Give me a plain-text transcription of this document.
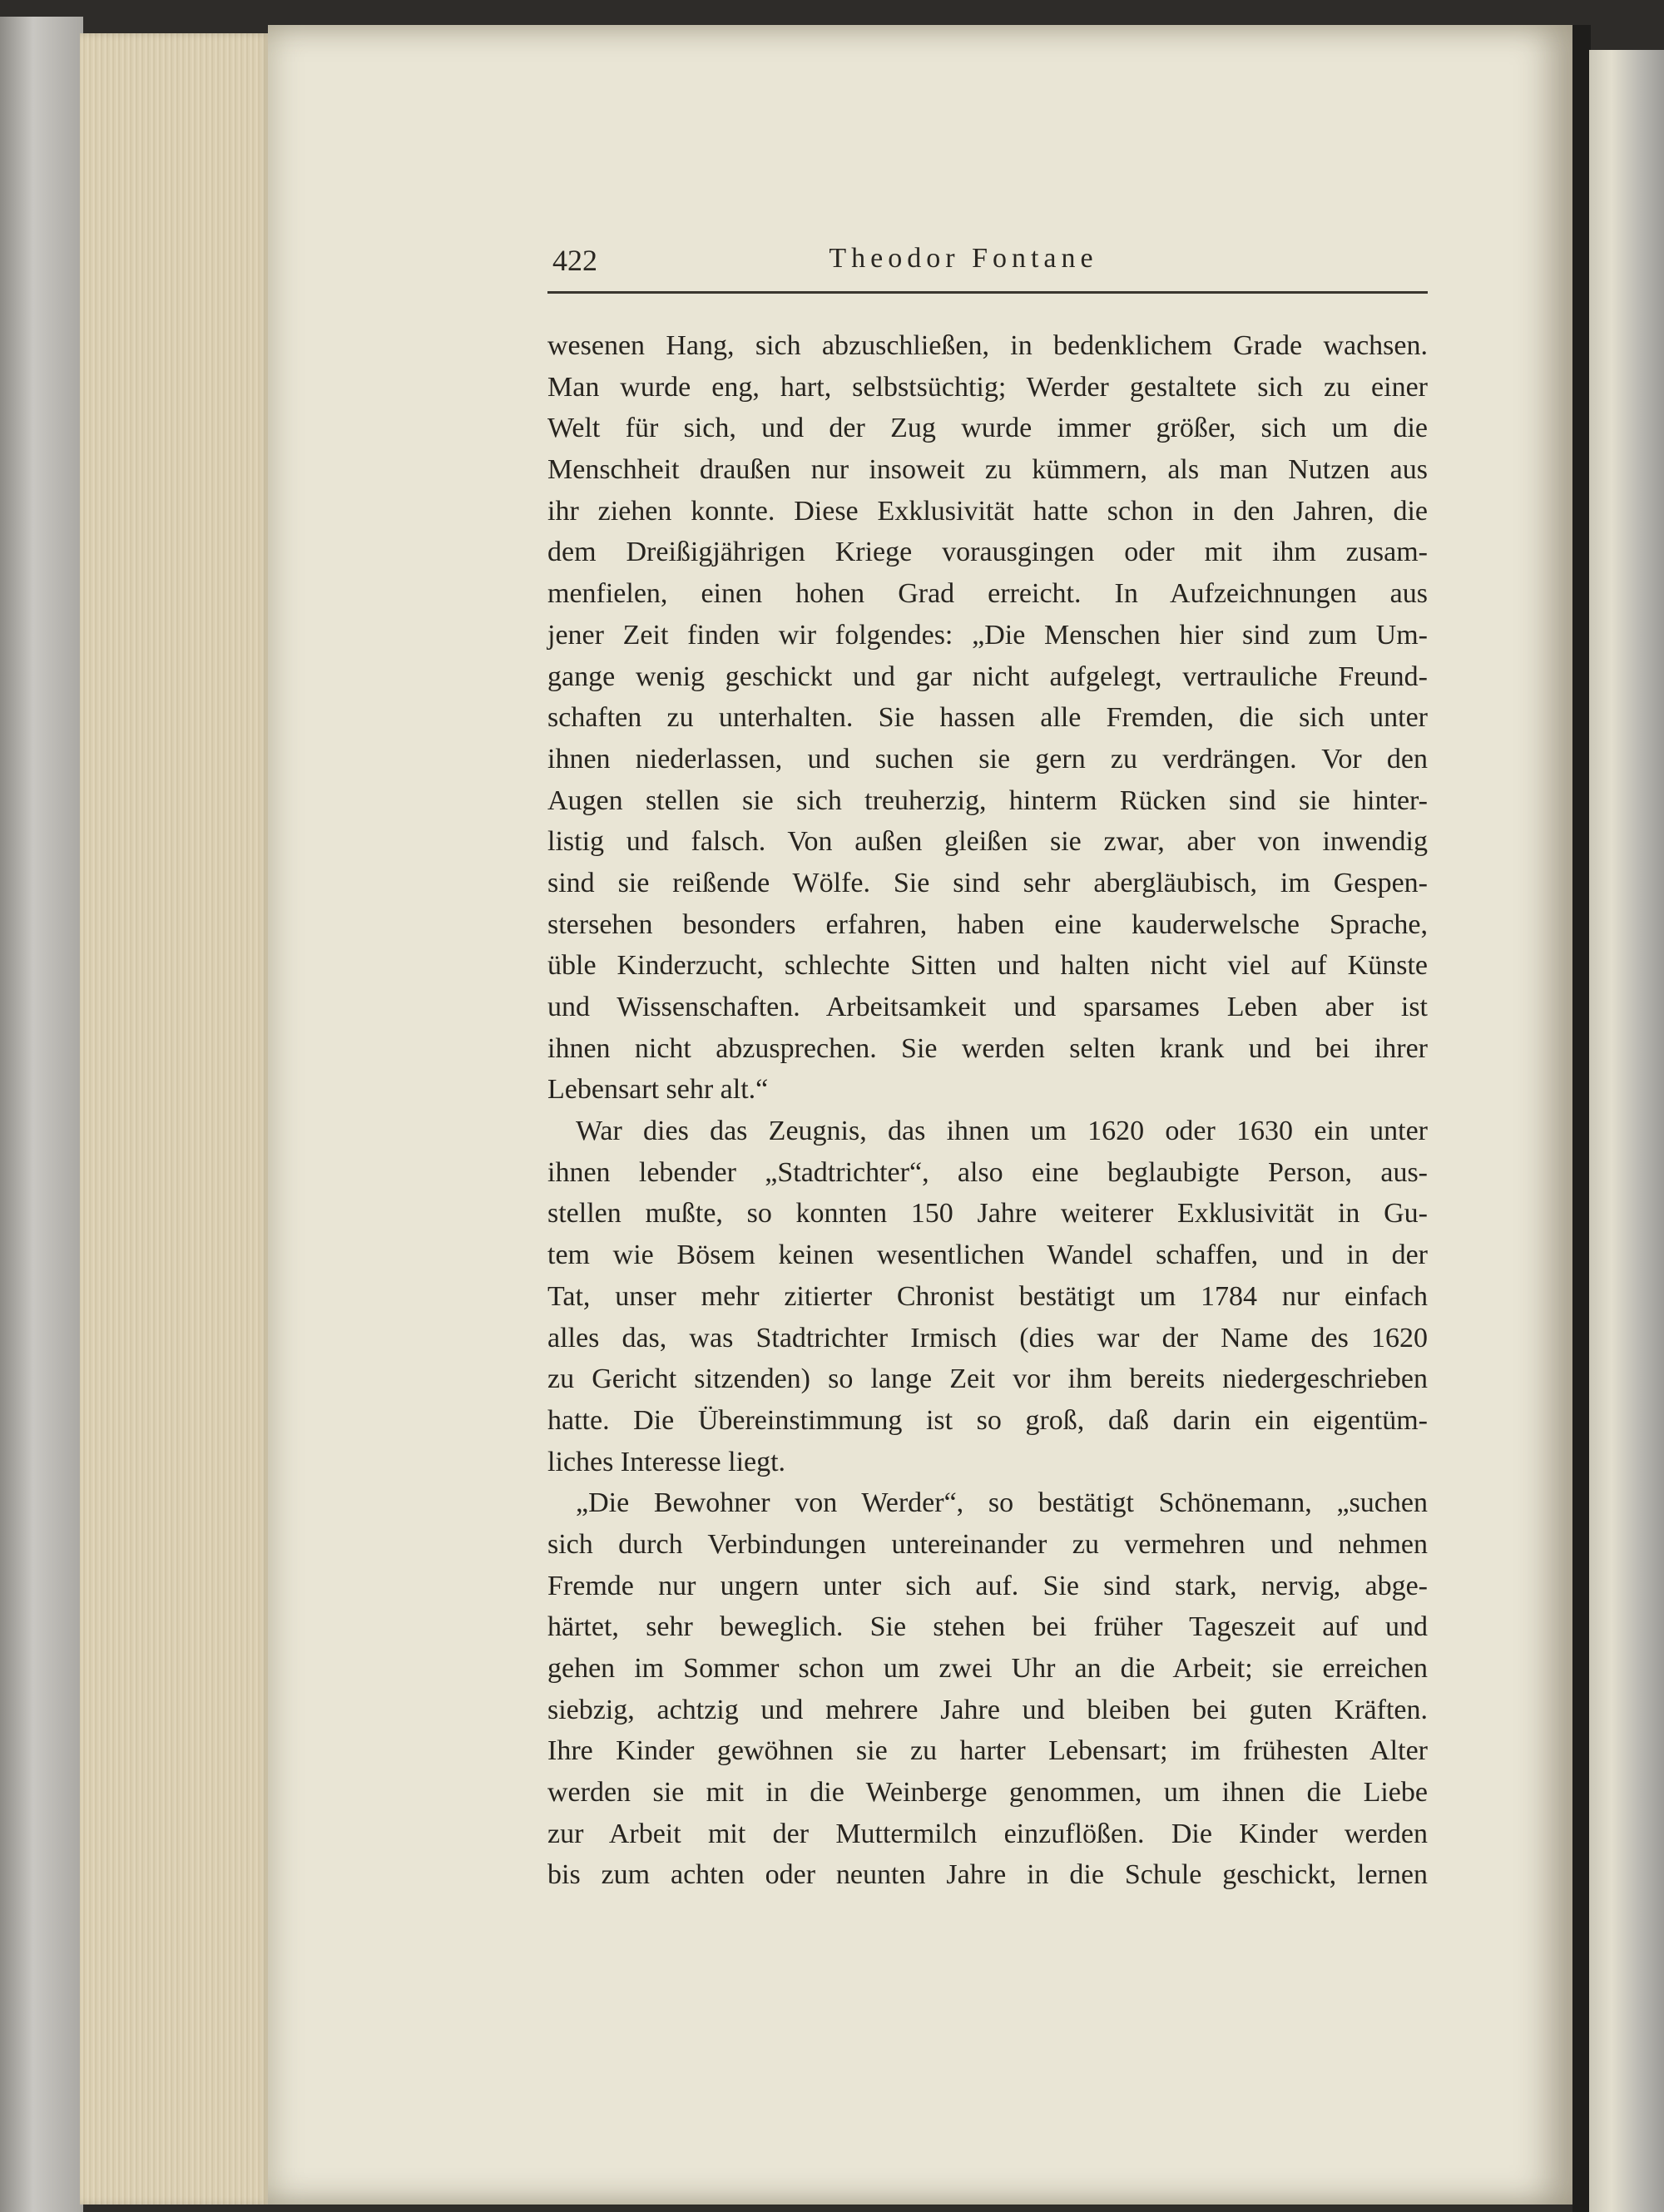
422	Theodor Fontane
wesenen Hang, sich abzuschließen, in bedenklichem Grade wachsen.
Man wurde eng, hart, selbstsüchtig; Werder gestaltete sich zu einer
Welt für sich, und der Zug wurde immer größer, sich um die
Menschheit draußen nur insoweit zu kümmern, als man Nutzen aus
ihr ziehen konnte. Diese Exklusivität hatte schon in den Jahren, die
dem Dreißigjährigen Kriege vorausgingen oder mit ihm zusam-
menfielen, einen hohen Grad erreicht. In Aufzeichnungen aus
jener Zeit finden wir folgendes: „Die Menschen hier sind zum Um-
gange wenig geschickt und gar nicht aufgelegt, vertrauliche Freund-
schaften zu unterhalten. Sie hassen alle Fremden, die sich unter
ihnen niederlassen, und suchen sie gern zu verdrängen. Vor den
Augen stellen sie sich treuherzig, hinterm Rücken sind sie hinter-
listig und falsch. Von außen gleißen sie zwar, aber von inwendig
sind sie reißende Wölfe. Sie sind sehr abergläubisch, im Gespen-
stersehen besonders erfahren, haben eine kauderwelsche Sprache,
üble Kinderzucht, schlechte Sitten und halten nicht viel auf Künste
und Wissenschaften. Arbeitsamkeit und sparsames Leben aber ist
ihnen nicht abzusprechen. Sie werden selten krank und bei ihrer
Lebensart sehr alt.“
War dies das Zeugnis, das ihnen um 1620 oder 1630 ein unter
ihnen lebender „Stadtrichter“, also eine beglaubigte Person, aus-
stellen mußte, so konnten 150 Jahre weiterer Exklusivität in Gu-
tem wie Bösem keinen wesentlichen Wandel schaffen, und in der
Tat, unser mehr zitierter Chronist bestätigt um 1784 nur einfach
alles das, was Stadtrichter Irmisch (dies war der Name des 1620
zu Gericht sitzenden) so lange Zeit vor ihm bereits niedergeschrieben
hatte. Die Übereinstimmung ist so groß, daß darin ein eigentüm-
liches Interesse liegt.
„Die Bewohner von Werder“, so bestätigt Schönemann, „suchen
sich durch Verbindungen untereinander zu vermehren und nehmen
Fremde nur ungern unter sich auf. Sie sind stark, nervig, abge-
härtet, sehr beweglich. Sie stehen bei früher Tageszeit auf und
gehen im Sommer schon um zwei Uhr an die Arbeit; sie erreichen
siebzig, achtzig und mehrere Jahre und bleiben bei guten Kräften.
Ihre Kinder gewöhnen sie zu harter Lebensart; im frühesten Alter
werden sie mit in die Weinberge genommen, um ihnen die Liebe
zur Arbeit mit der Muttermilch einzuflößen. Die Kinder werden
bis zum achten oder neunten Jahre in die Schule geschickt, lernen
